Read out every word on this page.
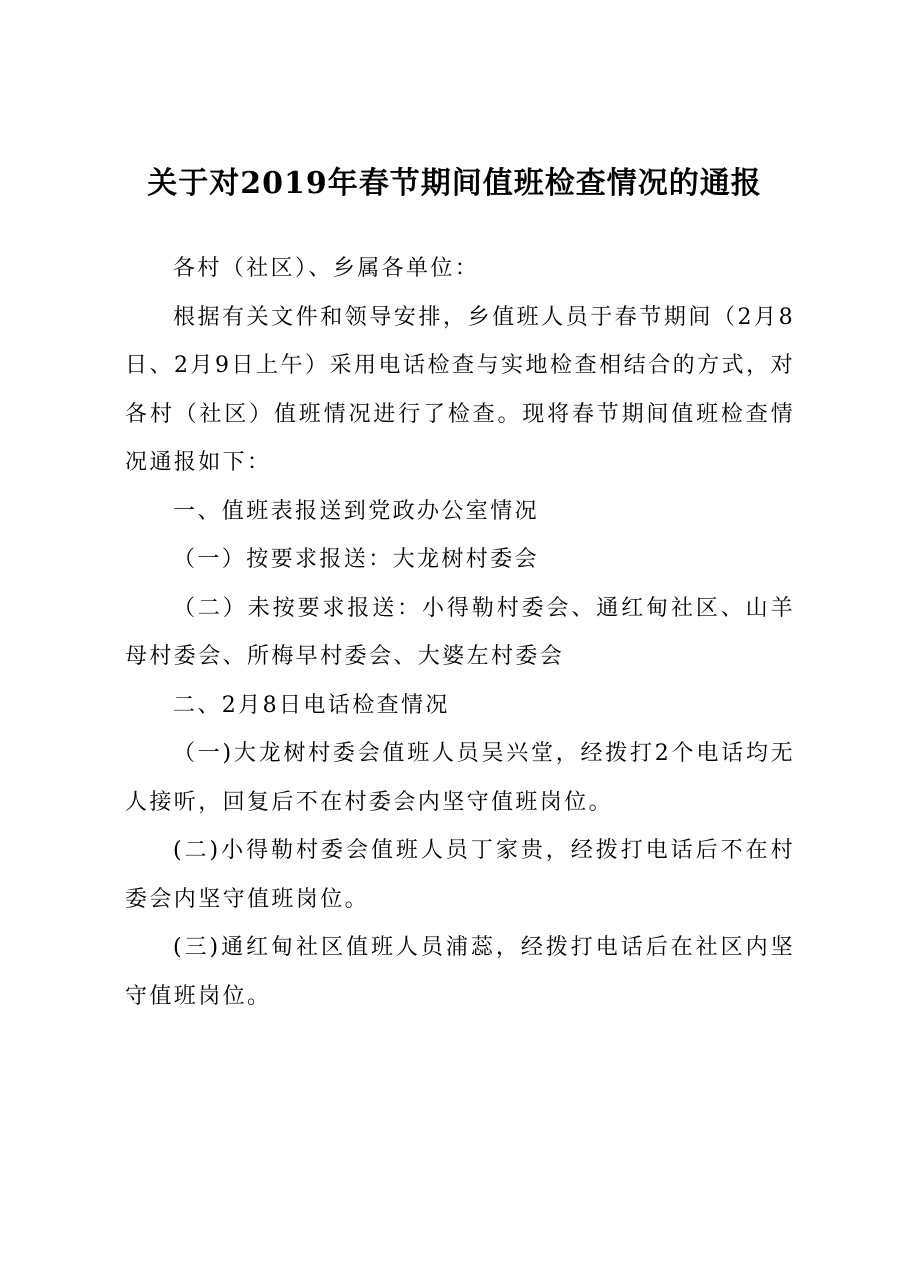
关于对2019年春节期间值班检查情况的通报

各村（社区）、乡属各单位：

根据有关文件和领导安排，乡值班人员于春节期间（2月8日、2月9日上午）采用电话检查与实地检查相结合的方式，对各村（社区）值班情况进行了检查。现将春节期间值班检查情况通报如下：

一、值班表报送到党政办公室情况

（一）按要求报送：大龙树村委会

（二）未按要求报送：小得勒村委会、通红甸社区、山羊母村委会、所梅早村委会、大婆左村委会

二、2月8日电话检查情况

（一)大龙树村委会值班人员吴兴堂，经拨打2个电话均无人接听，回复后不在村委会内坚守值班岗位。

(二)小得勒村委会值班人员丁家贵，经拨打电话后不在村委会内坚守值班岗位。

(三)通红甸社区值班人员浦蕊，经拨打电话后在社区内坚守值班岗位。
